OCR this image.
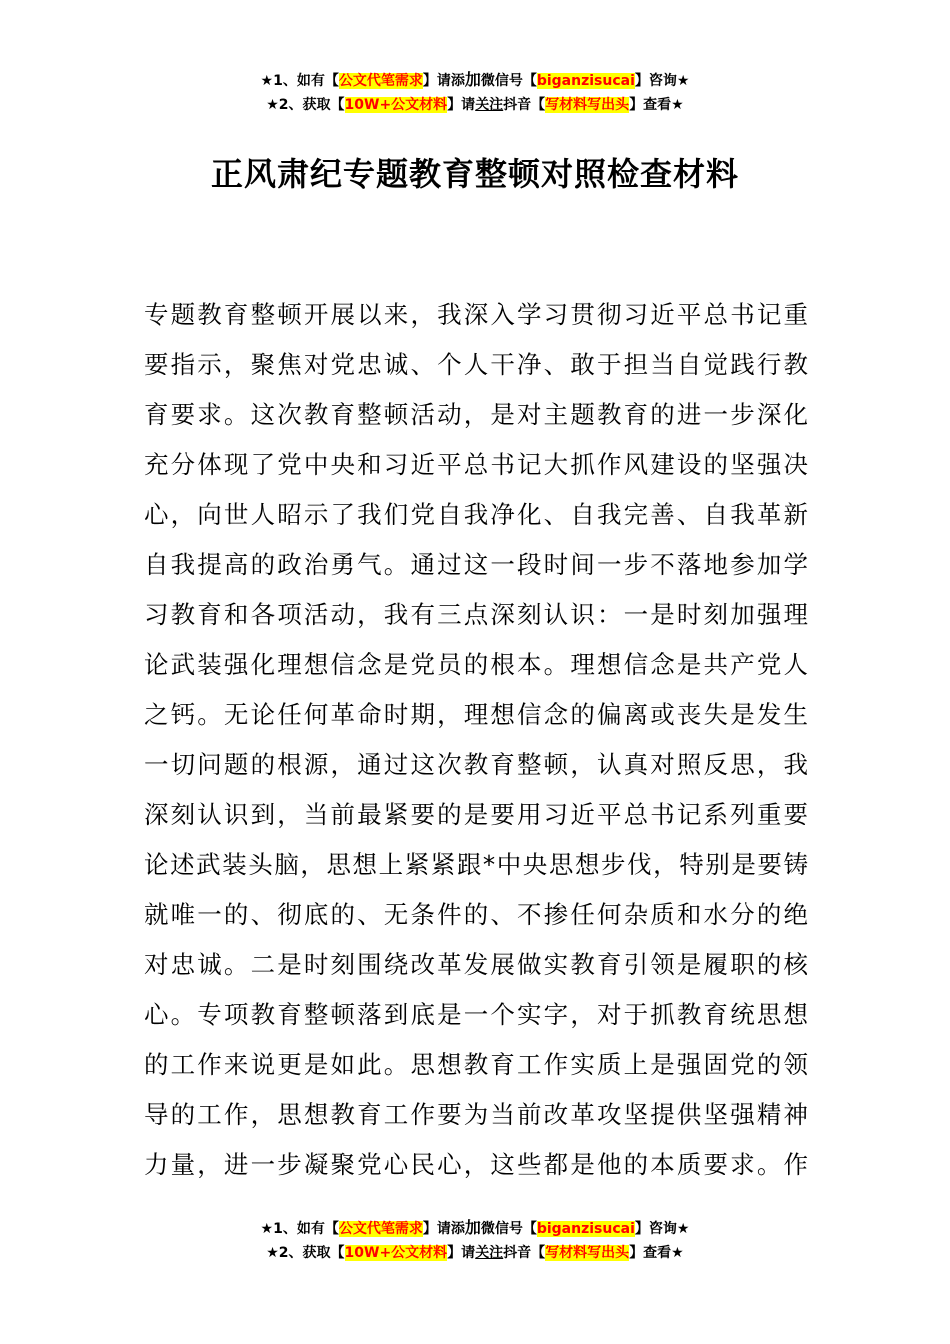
★1、如有【公文代笔需求】请添加微信号【biganzisucai】咨询★
★2、获取【10W+公文材料】请关注抖音【写材料写出头】查看★
正风肃纪专题教育整顿对照检查材料
专题教育整顿开展以来，我深入学习贯彻习近平总书记重
要指示，聚焦对党忠诚、个人干净、敢于担当自觉践行教
育要求。这次教育整顿活动，是对主题教育的进一步深化
充分体现了党中央和习近平总书记大抓作风建设的坚强决
心，向世人昭示了我们党自我净化、自我完善、自我革新
自我提高的政治勇气。通过这一段时间一步不落地参加学
习教育和各项活动，我有三点深刻认识：一是时刻加强理
论武装强化理想信念是党员的根本。理想信念是共产党人
之钙。无论任何革命时期，理想信念的偏离或丧失是发生
一切问题的根源，通过这次教育整顿，认真对照反思，我
深刻认识到，当前最紧要的是要用习近平总书记系列重要
论述武装头脑，思想上紧紧跟*中央思想步伐，特别是要铸
就唯一的、彻底的、无条件的、不掺任何杂质和水分的绝
对忠诚。二是时刻围绕改革发展做实教育引领是履职的核
心。专项教育整顿落到底是一个实字，对于抓教育统思想
的工作来说更是如此。思想教育工作实质上是强固党的领
导的工作，思想教育工作要为当前改革攻坚提供坚强精神
力量，进一步凝聚党心民心，这些都是他的本质要求。作
★1、如有【公文代笔需求】请添加微信号【biganzisucai】咨询★
★2、获取【10W+公文材料】请关注抖音【写材料写出头】查看★
